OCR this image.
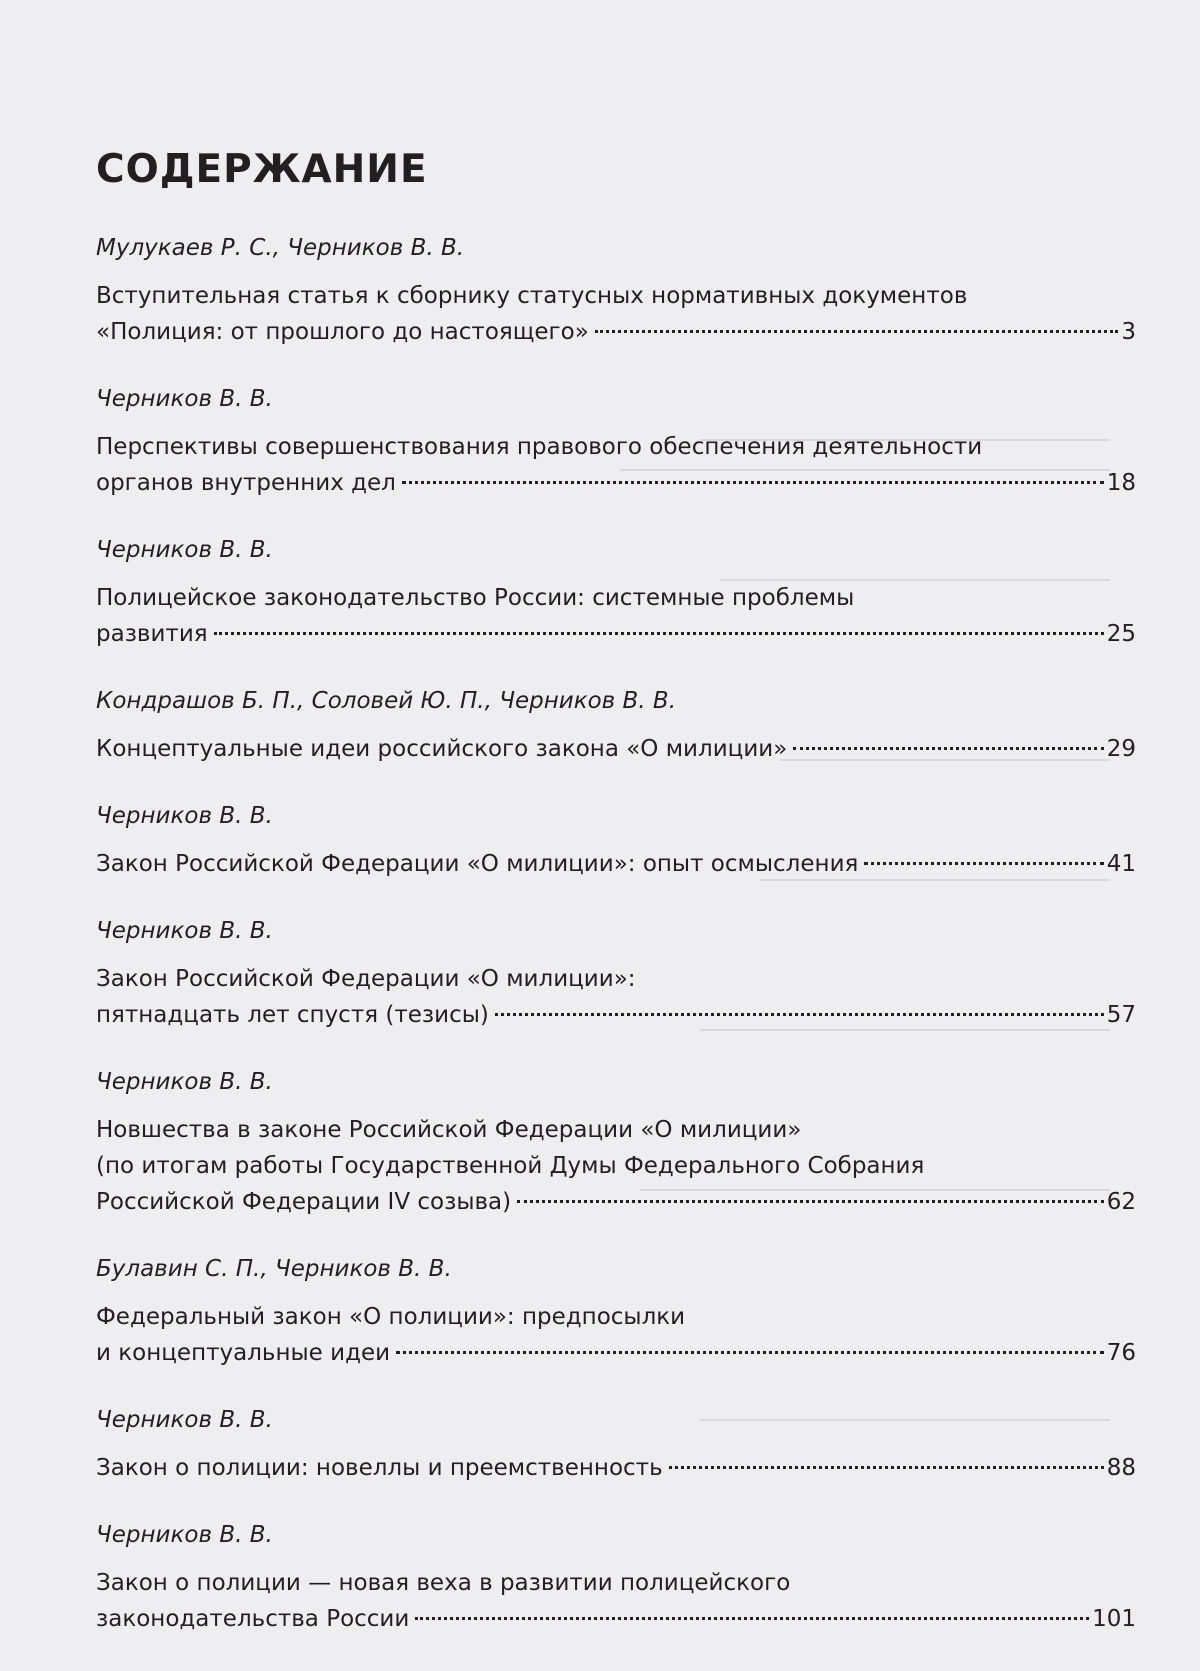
СОДЕРЖАНИЕ
Мулукаев Р. С., Черников В. В.
Вступительная статья к сборнику статусных нормативных документов
«Полиция: от прошлого до настоящего»	3
Черников В. В.
Перспективы совершенствования правового обеспечения деятельности
органов внутренних дел	18
Черников В. В.
Полицейское законодательство России: системные проблемы
развития	25
Кондрашов Б. П., Соловей Ю. П., Черников В. В.
Концептуальные идеи российского закона «О милиции»	29
Черников В. В.
Закон Российской Федерации «О милиции»: опыт осмысления	41
Черников В. В.
Закон Российской Федерации «О милиции»:
пятнадцать лет спустя (тезисы)	57
Черников В. В.
Новшества в законе Российской Федерации «О милиции»
(по итогам работы Государственной Думы Федерального Собрания
Российской Федерации IV созыва)	62
Булавин С. П., Черников В. В.
Федеральный закон «О полиции»: предпосылки
и концептуальные идеи	76
Черников В. В.
Закон о полиции: новеллы и преемственность	88
Черников В. В.
Закон о полиции — новая веха в развитии полицейского
законодательства России	101
